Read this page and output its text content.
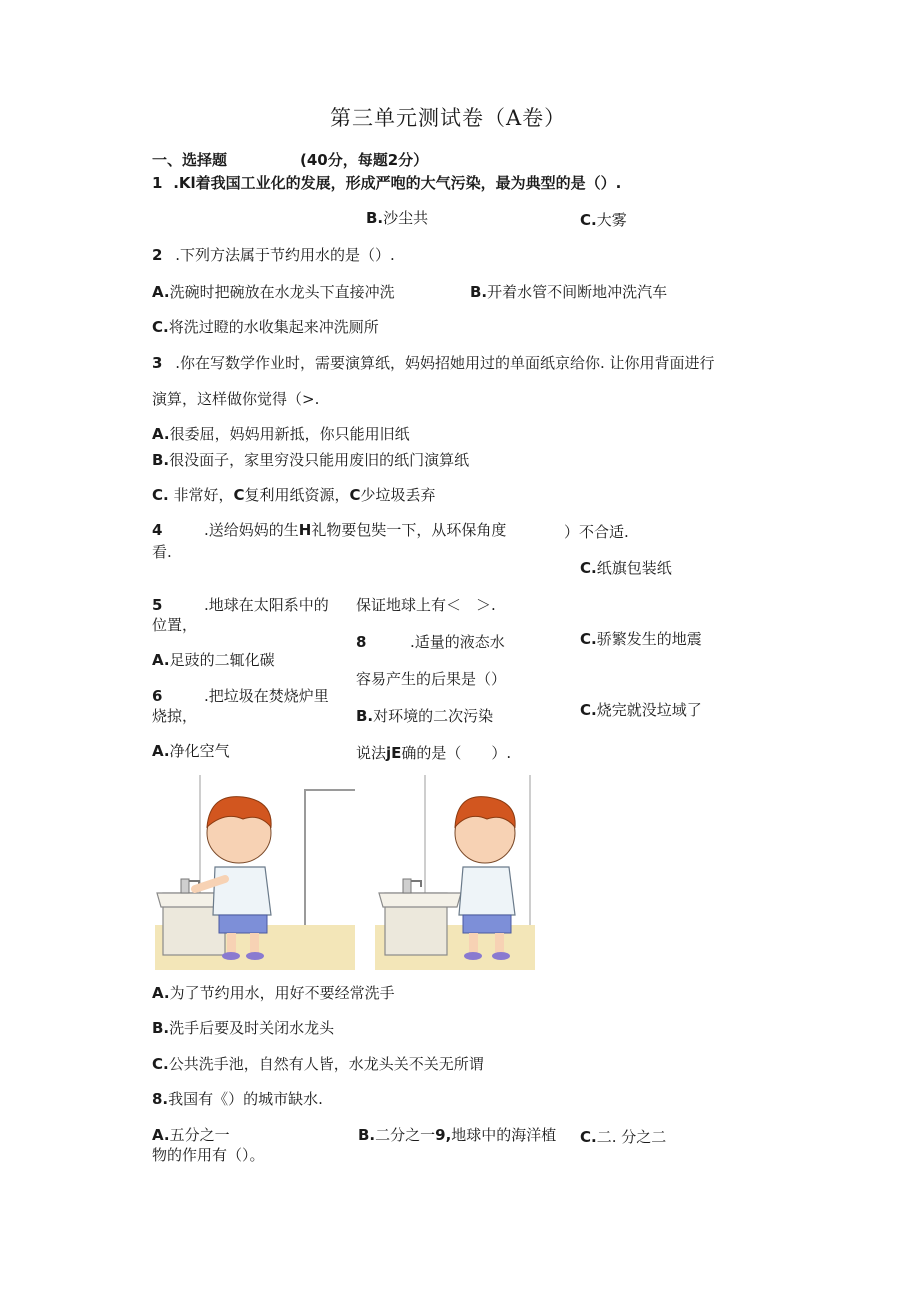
第三单元测试卷（A卷）
一、选择题	(40分，每题2分）
1 .Kl着我国工业化的发展，形成严咆的大气污染，最为典型的是（）.
B.沙尘共	C.大雾
2 .下列方法属于节约用水的是（）.
A.洗碗时把碗放在水龙头下直接冲洗	B.开着水管不间断地冲洗汽车
C.将洗过瞪的水收集起来冲洗厕所
3 .你在写数学作业时，需要演算纸，妈妈招她用过的单面纸京给你. 让你用背面进行
演算，这样做你觉得（>.
A.很委屈，妈妈用新抵，你只能用旧纸
B.很没面子，家里穷没只能用废旧的纸门演算纸
C. 非常好，C复利用纸资源，C少垃圾丢弃
4	.送给妈妈的生H礼物要包奘一下，从环保角度	）不合适.
看.
C.纸旗包装纸
5	.地球在太阳系中的
位置，
保证地球上有＜　＞.
A.足豉的二辄化碳
C.骄繁发生的地震
8	.适量的液态水
容易产生的后果是（）
6	.把垃圾在焚烧炉里
烧掠，	B.对环境的二次污染	C.烧完就没垃域了
A.净化空气	说法jE确的是（　　）.
A.为了节约用水，用好不要经常洗手
B.洗手后要及时关闭水龙头
C.公共洗手池，自然有人皆，水龙头关不关无所谓
8.我国有《）的城市缺水.
A.五分之一	B.二分之一9,地球中的海洋植 C.二. 分之二
物的作用有（）。
